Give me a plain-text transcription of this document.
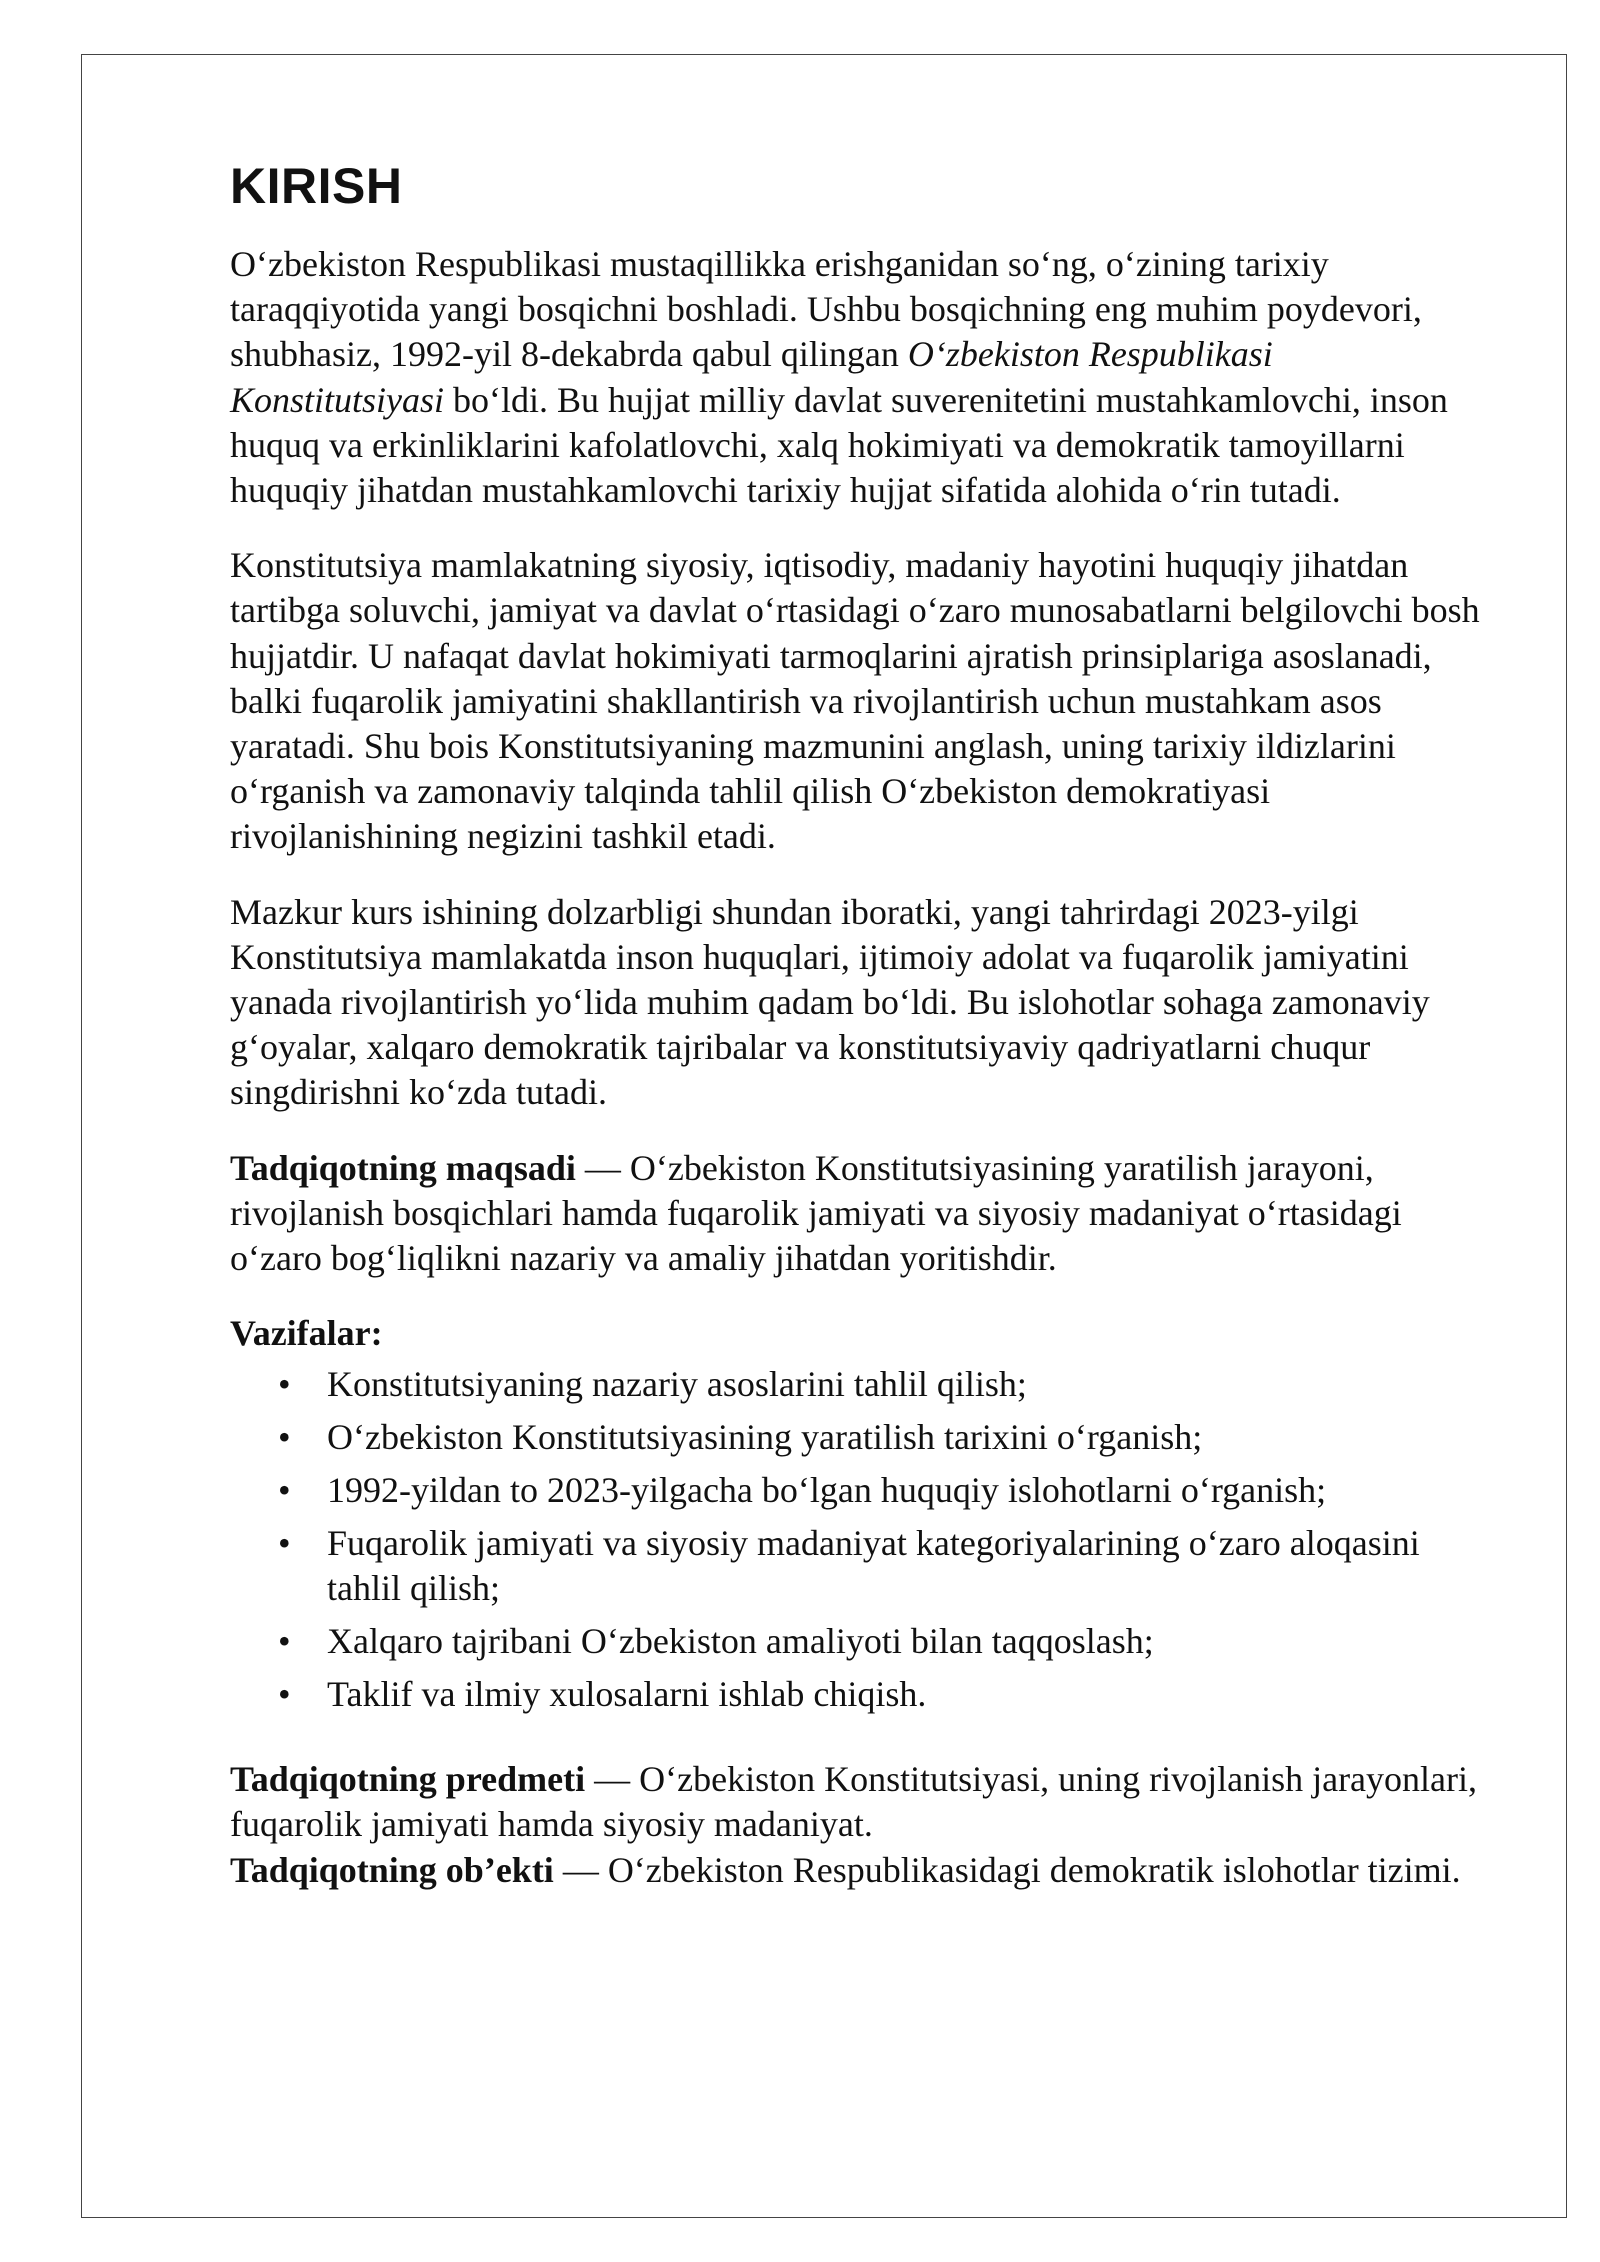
KIRISH

O‘zbekiston Respublikasi mustaqillikka erishganidan so‘ng, o‘zining tarixiy taraqqiyotida yangi bosqichni boshladi. Ushbu bosqichning eng muhim poydevori, shubhasiz, 1992-yil 8-dekabrda qabul qilingan O‘zbekiston Respublikasi Konstitutsiyasi bo‘ldi. Bu hujjat milliy davlat suverenitetini mustahkamlovchi, inson huquq va erkinliklarini kafolatlovchi, xalq hokimiyati va demokratik tamoyillarni huquqiy jihatdan mustahkamlovchi tarixiy hujjat sifatida alohida o‘rin tutadi.

Konstitutsiya mamlakatning siyosiy, iqtisodiy, madaniy hayotini huquqiy jihatdan tartibga soluvchi, jamiyat va davlat o‘rtasidagi o‘zaro munosabatlarni belgilovchi bosh hujjatdir. U nafaqat davlat hokimiyati tarmoqlarini ajratish prinsiplariga asoslanadi, balki fuqarolik jamiyatini shakllantirish va rivojlantirish uchun mustahkam asos yaratadi. Shu bois Konstitutsiyaning mazmunini anglash, uning tarixiy ildizlarini o‘rganish va zamonaviy talqinda tahlil qilish O‘zbekiston demokratiyasi rivojlanishining negizini tashkil etadi.

Mazkur kurs ishining dolzarbligi shundan iboratki, yangi tahrirdagi 2023-yilgi Konstitutsiya mamlakatda inson huquqlari, ijtimoiy adolat va fuqarolik jamiyatini yanada rivojlantirish yo‘lida muhim qadam bo‘ldi. Bu islohotlar sohaga zamonaviy g‘oyalar, xalqaro demokratik tajribalar va konstitutsiyaviy qadriyatlarni chuqur singdirishni ko‘zda tutadi.

Tadqiqotning maqsadi — O‘zbekiston Konstitutsiyasining yaratilish jarayoni, rivojlanish bosqichlari hamda fuqarolik jamiyati va siyosiy madaniyat o‘rtasidagi o‘zaro bog‘liqlikni nazariy va amaliy jihatdan yoritishdir.

Vazifalar:
• Konstitutsiyaning nazariy asoslarini tahlil qilish;
• O‘zbekiston Konstitutsiyasining yaratilish tarixini o‘rganish;
• 1992-yildan to 2023-yilgacha bo‘lgan huquqiy islohotlarni o‘rganish;
• Fuqarolik jamiyati va siyosiy madaniyat kategoriyalarining o‘zaro aloqasini tahlil qilish;
• Xalqaro tajribani O‘zbekiston amaliyoti bilan taqqoslash;
• Taklif va ilmiy xulosalarni ishlab chiqish.

Tadqiqotning predmeti — O‘zbekiston Konstitutsiyasi, uning rivojlanish jarayonlari, fuqarolik jamiyati hamda siyosiy madaniyat.

Tadqiqotning ob’ekti — O‘zbekiston Respublikasidagi demokratik islohotlar tizimi.
